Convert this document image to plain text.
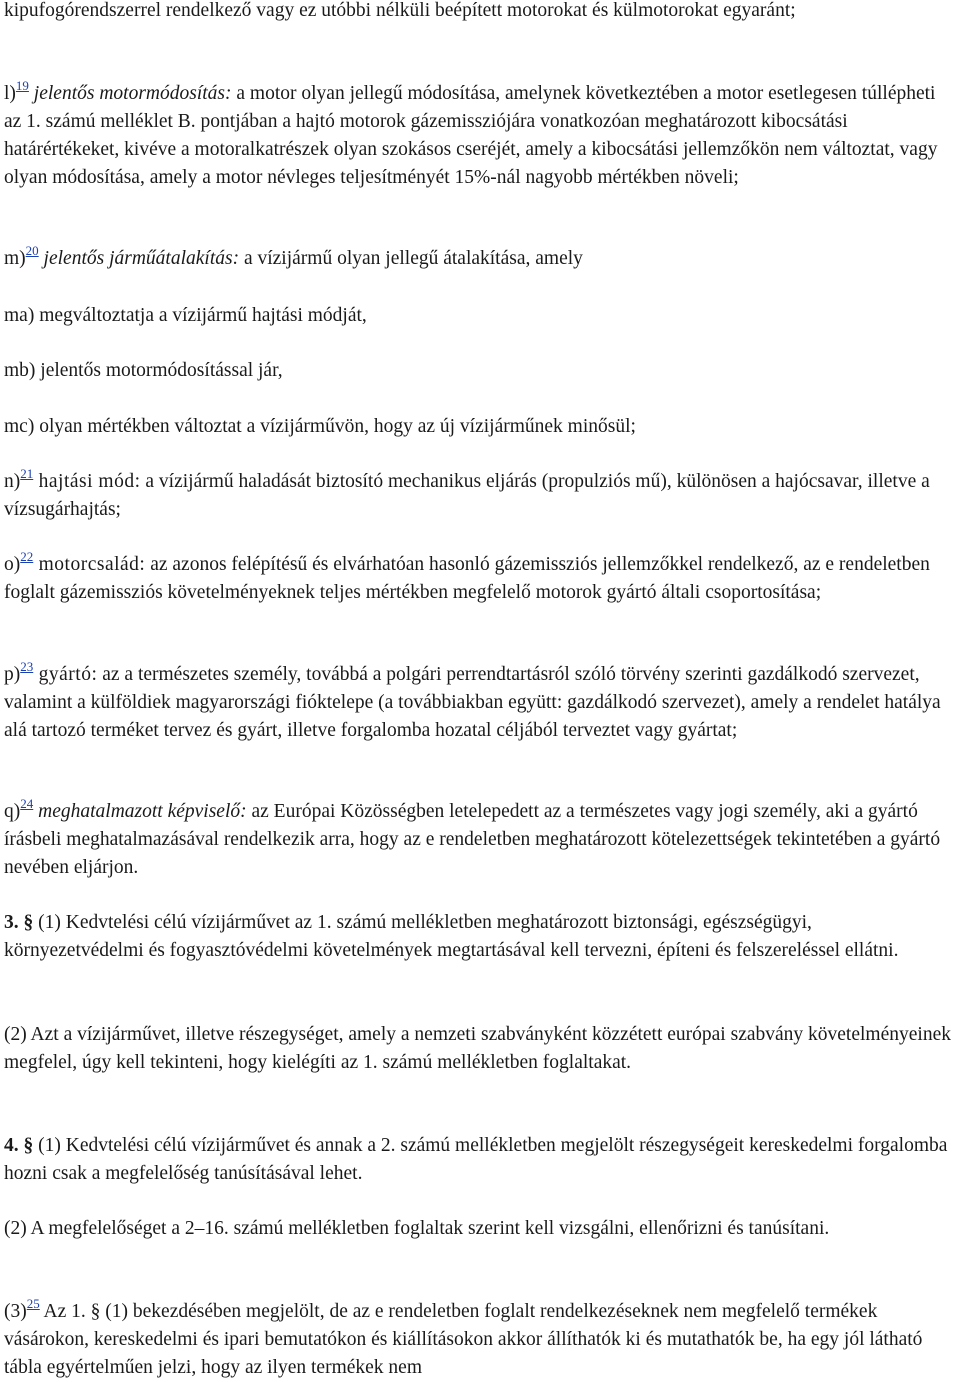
kipufogórendszerrel rendelkező vagy ez utóbbi nélküli beépített motorokat és külmotorokat egyaránt;

l)$^{19}$ jelentős motormódosítás: a motor olyan jellegű módosítása, amelynek következtében a motor esetlegesen túllépheti az 1. számú melléklet B. pontjában a hajtó motorok gázemissziójára vonatkozóan meghatározott kibocsátási határértékeket, kivéve a motoralkatrészek olyan szokásos cseréjét, amely a kibocsátási jellemzőkön nem változtat, vagy olyan módosítása, amely a motor névleges teljesítményét 15%-nál nagyobb mértékben növeli;

m)$^{20}$ jelentős járműátalakítás: a vízijármű olyan jellegű átalakítása, amely

ma) megváltoztatja a vízijármű hajtási módját,

mb) jelentős motormódosítással jár,

mc) olyan mértékben változtat a vízijárművön, hogy az új vízijárműnek minősül;

n)$^{21}$ hajtási mód: a vízijármű haladását biztosító mechanikus eljárás (propulziós mű), különösen a hajócsavar, illetve a vízsugárhajtás;

o)$^{22}$ motorcsalád: az azonos felépítésű és elvárhatóan hasonló gázemissziós jellemzőkkel rendelkező, az e rendeletben foglalt gázemissziós követelményeknek teljes mértékben megfelelő motorok gyártó általi csoportosítása;

p)$^{23}$ gyártó: az a természetes személy, továbbá a polgári perrendtartásról szóló törvény szerinti gazdálkodó szervezet, valamint a külföldiek magyarországi fióktelepe (a továbbiakban együtt: gazdálkodó szervezet), amely a rendelet hatálya alá tartozó terméket tervez és gyárt, illetve forgalomba hozatal céljából terveztet vagy gyártat;

q)$^{24}$ meghatalmazott képviselő: az Európai Közösségben letelepedett az a természetes vagy jogi személy, aki a gyártó írásbeli meghatalmazásával rendelkezik arra, hogy az e rendeletben meghatározott kötelezettségek tekintetében a gyártó nevében eljárjon.

3. § (1) Kedvtelési célú vízijárművet az 1. számú mellékletben meghatározott biztonsági, egészségügyi, környezetvédelmi és fogyasztóvédelmi követelmények megtartásával kell tervezni, építeni és felszereléssel ellátni.

(2) Azt a vízijárművet, illetve részegységet, amely a nemzeti szabványként közzétett európai szabvány követelményeinek megfelel, úgy kell tekinteni, hogy kielégíti az 1. számú mellékletben foglaltakat.

4. § (1) Kedvtelési célú vízijárművet és annak a 2. számú mellékletben megjelölt részegységeit kereskedelmi forgalomba hozni csak a megfelelőség tanúsításával lehet.

(2) A megfelelőséget a 2–16. számú mellékletben foglaltak szerint kell vizsgálni, ellenőrizni és tanúsítani.

(3)$^{25}$ Az 1. § (1) bekezdésében megjelölt, de az e rendeletben foglalt rendelkezéseknek nem megfelelő termékek vásárokon, kereskedelmi és ipari bemutatókon és kiállításokon akkor állíthatók ki és mutathatók be, ha egy jól látható tábla egyértelműen jelzi, hogy az ilyen termékek nem
